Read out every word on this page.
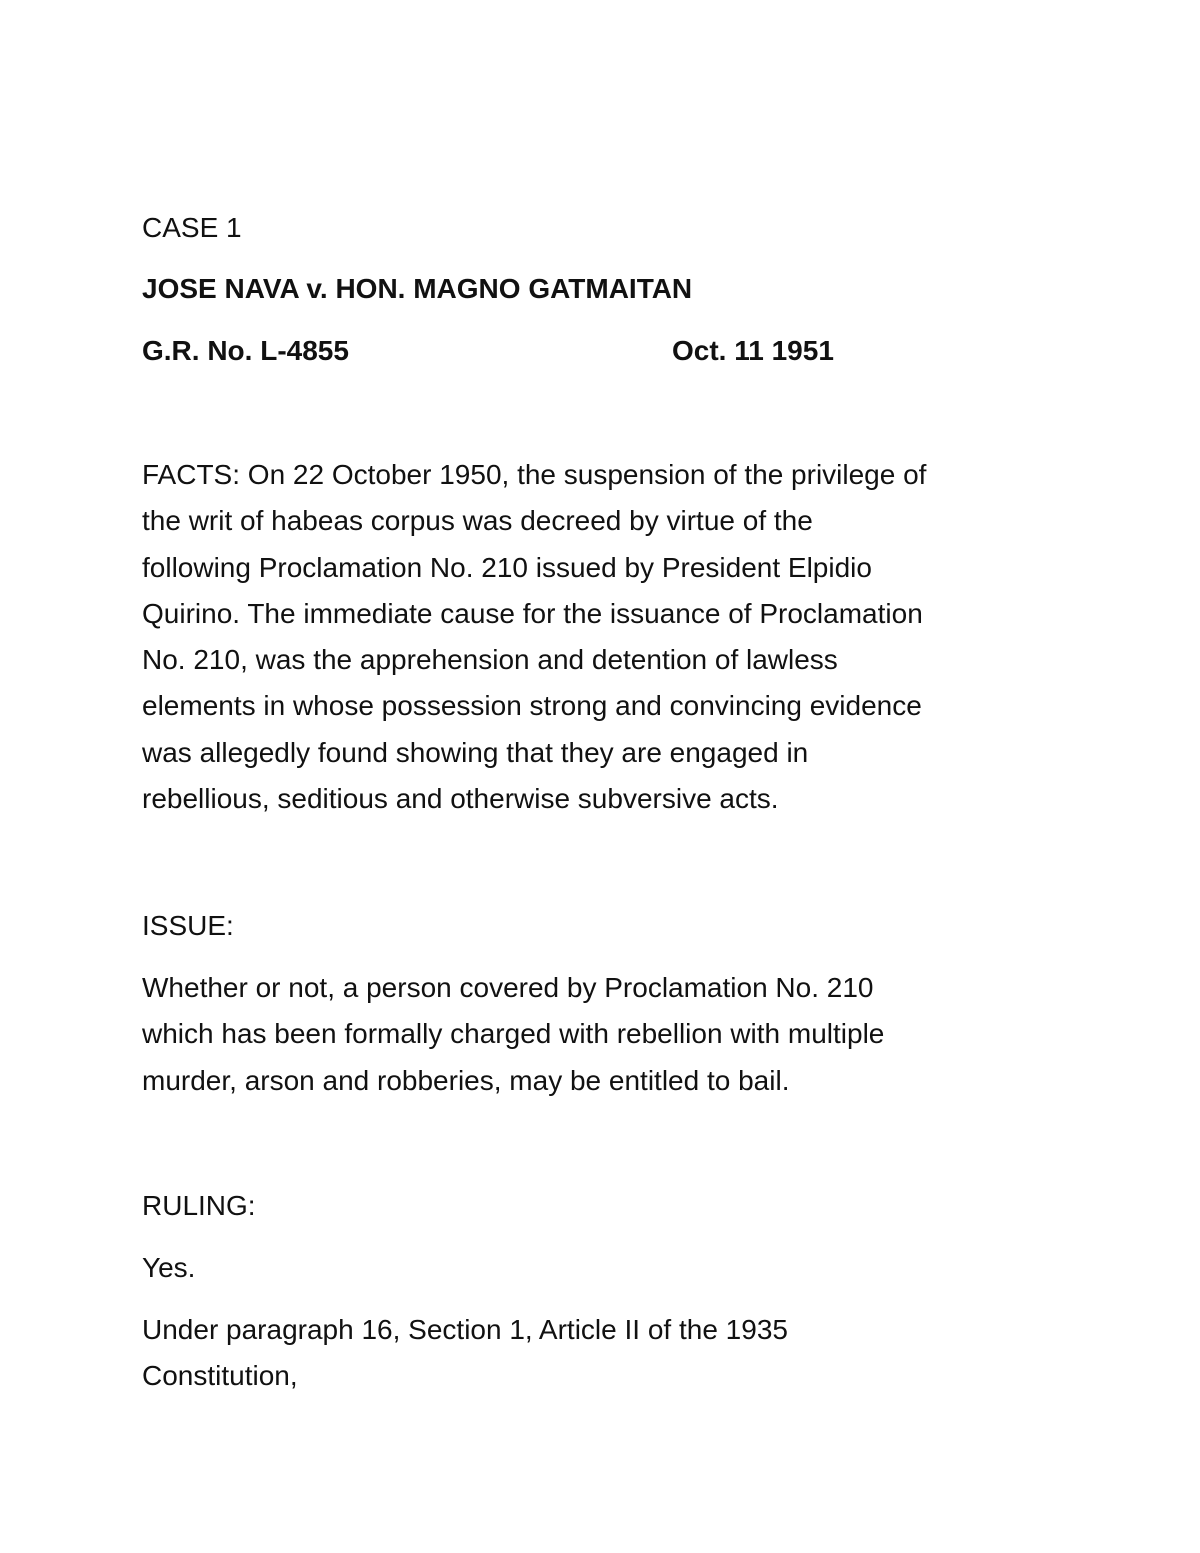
CASE 1
JOSE NAVA v. HON. MAGNO GATMAITAN
G.R. No. L-4855	Oct. 11 1951
FACTS: On 22 October 1950, the suspension of the privilege of
the writ of habeas corpus was decreed by virtue of the
following Proclamation No. 210 issued by President Elpidio
Quirino. The immediate cause for the issuance of Proclamation
No. 210, was the apprehension and detention of lawless
elements in whose possession strong and convincing evidence
was allegedly found showing that they are engaged in
rebellious, seditious and otherwise subversive acts.
ISSUE:
Whether or not, a person covered by Proclamation No. 210
which has been formally charged with rebellion with multiple
murder, arson and robberies, may be entitled to bail.
RULING:
Yes.
Under paragraph 16, Section 1, Article II of the 1935
Constitution,
